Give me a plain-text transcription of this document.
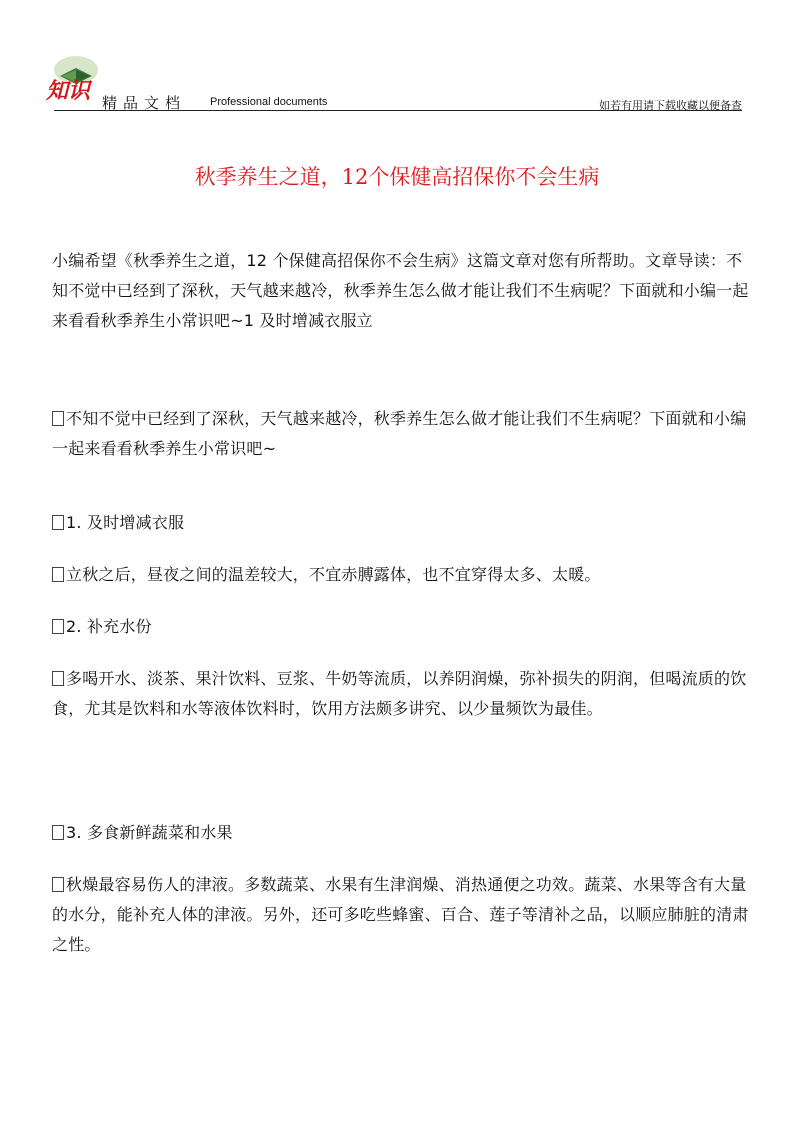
知识 精品文档 Professional documents	如若有用请下载收藏以便备查
秋季养生之道，12个保健高招保你不会生病

小编希望《秋季养生之道，12 个保健高招保你不会生病》这篇文章对您有所帮助。文章导读：不知不觉中已经到了深秋，天气越来越冷，秋季养生怎么做才能让我们不生病呢？下面就和小编一起来看看秋季养生小常识吧~1 及时增减衣服立

不知不觉中已经到了深秋，天气越来越冷，秋季养生怎么做才能让我们不生病呢？下面就和小编一起来看看秋季养生小常识吧~

1. 及时增减衣服

立秋之后，昼夜之间的温差较大，不宜赤膊露体，也不宜穿得太多、太暖。

2. 补充水份

多喝开水、淡茶、果汁饮料、豆浆、牛奶等流质，以养阴润燥，弥补损失的阴润，但喝流质的饮食，尤其是饮料和水等液体饮料时，饮用方法颇多讲究、以少量频饮为最佳。

3. 多食新鲜蔬菜和水果

秋燥最容易伤人的津液。多数蔬菜、水果有生津润燥、消热通便之功效。蔬菜、水果等含有大量的水分，能补充人体的津液。另外，还可多吃些蜂蜜、百合、莲子等清补之品，以顺应肺脏的清肃之性。
